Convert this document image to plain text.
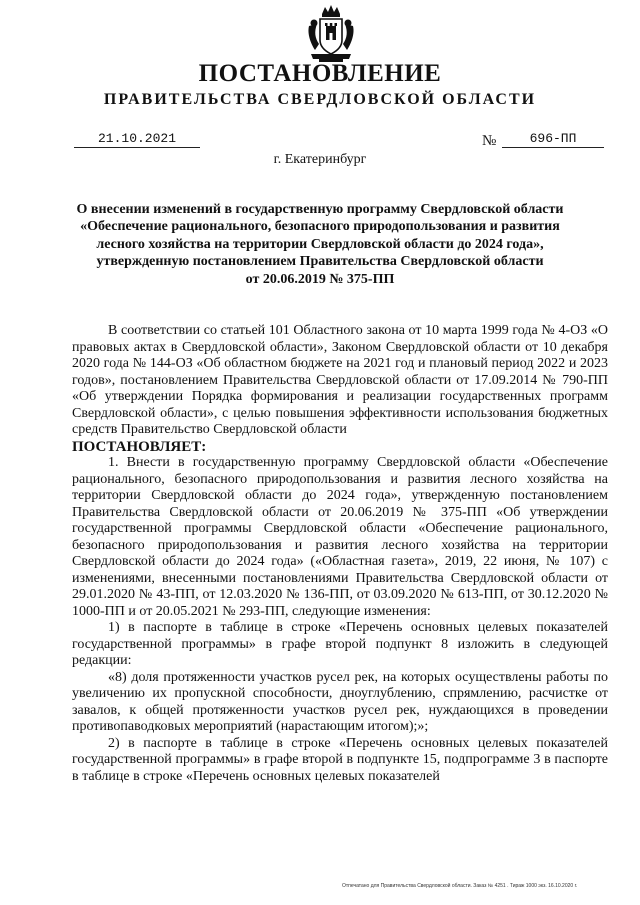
ПОСТАНОВЛЕНИЕ
ПРАВИТЕЛЬСТВА СВЕРДЛОВСКОЙ ОБЛАСТИ
21.10.2021	№	696-ПП
г. Екатеринбург
О внесении изменений в государственную программу Свердловской области
«Обеспечение рационального, безопасного природопользования и развития
лесного хозяйства на территории Свердловской области до 2024 года»,
утвержденную постановлением Правительства Свердловской области
от 20.06.2019 № 375-ПП

В соответствии со статьей 101 Областного закона от 10 марта 1999 года № 4-ОЗ «О правовых актах в Свердловской области», Законом Свердловской области от 10 декабря 2020 года № 144-ОЗ «Об областном бюджете на 2021 год и плановый период 2022 и 2023 годов», постановлением Правительства Свердловской области от 17.09.2014 № 790-ПП «Об утверждении Порядка формирования и реализации государственных программ Свердловской области», с целью повышения эффективности использования бюджетных средств Правительство Свердловской области

ПОСТАНОВЛЯЕТ:

1. Внести в государственную программу Свердловской области «Обеспечение рационального, безопасного природопользования и развития лесного хозяйства на территории Свердловской области до 2024 года», утвержденную постановлением Правительства Свердловской области от 20.06.2019 № 375-ПП «Об утверждении государственной программы Свердловской области «Обеспечение рационального, безопасного природопользования и развития лесного хозяйства на территории Свердловской области до 2024 года» («Областная газета», 2019, 22 июня, № 107) с изменениями, внесенными постановлениями Правительства Свердловской области от 29.01.2020 № 43-ПП, от 12.03.2020 № 136-ПП, от 03.09.2020 № 613-ПП, от 30.12.2020 № 1000-ПП и от 20.05.2021 № 293-ПП, следующие изменения:

1) в паспорте в таблице в строке «Перечень основных целевых показателей государственной программы» в графе второй подпункт 8 изложить в следующей редакции:

«8) доля протяженности участков русел рек, на которых осуществлены работы по увеличению их пропускной способности, дноуглублению, спрямлению, расчистке от завалов, к общей протяженности участков русел рек, нуждающихся в проведении противопаводковых мероприятий (нарастающим итогом);»;

2) в паспорте в таблице в строке «Перечень основных целевых показателей государственной программы» в графе второй в подпункте 15, подпрограмме 3 в паспорте в таблице в строке «Перечень основных целевых показателей

Отпечатано для Правительства Свердловской области. Заказ № 4251 . Тираж 1000 экз. 16.10.2020 г.
